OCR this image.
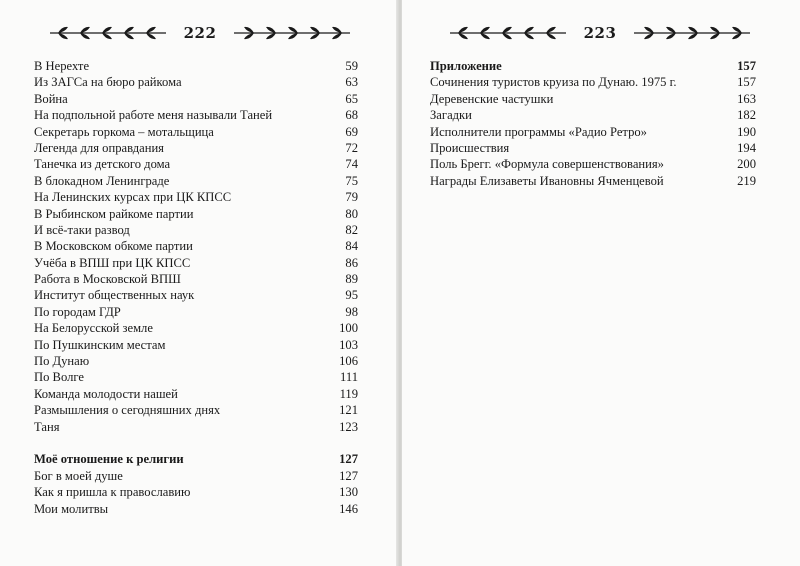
222
В Нерехте	59
Из ЗАГСа на бюро райкома	63
Война	65
На подпольной работе меня называли Таней	68
Секретарь горкома – мотальщица	69
Легенда для оправдания	72
Танечка из детского дома	74
В блокадном Ленинграде	75
На Ленинских курсах при ЦК КПСС	79
В Рыбинском райкоме партии	80
И всё-таки развод	82
В Московском обкоме партии	84
Учёба в ВПШ при ЦК КПСС	86
Работа в Московской ВПШ	89
Институт общественных наук	95
По городам ГДР	98
На Белорусской земле	100
По Пушкинским местам	103
По Дунаю	106
По Волге	111
Команда молодости нашей	119
Размышления о сегодняшних днях	121
Таня	123
Моё отношение к религии	127
Бог в моей душе	127
Как я пришла к православию	130
Мои молитвы	146
223
Приложение	157
Сочинения туристов круиза по Дунаю. 1975 г.	157
Деревенские частушки	163
Загадки	182
Исполнители программы «Радио Ретро»	190
Происшествия	194
Поль Брегг. «Формула совершенствования»	200
Награды Елизаветы Ивановны Ячменцевой	219
